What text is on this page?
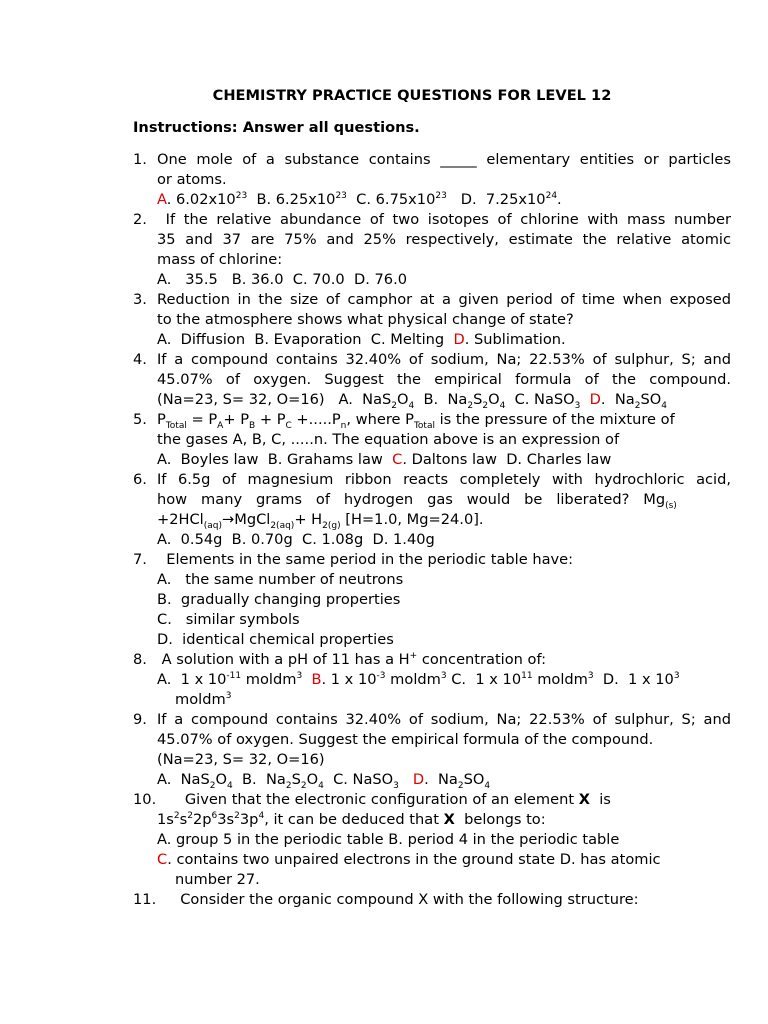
CHEMISTRY PRACTICE QUESTIONS FOR LEVEL 12
Instructions: Answer all questions.
1. One mole of a substance contains _____ elementary entities or particles
or atoms.
A. $6.02x10^{23}$  B. $6.25x10^{23}$  C. $6.75x10^{23}$   D.  $7.25x10^{24}$.
2. If the relative abundance of two isotopes of chlorine with mass number
35 and 37 are 75% and 25% respectively, estimate the relative atomic
mass of chlorine:
A.   35.5   B. 36.0  C. 70.0  D. 76.0
3. Reduction in the size of camphor at a given period of time when exposed
to the atmosphere shows what physical change of state?
A.  Diffusion  B. Evaporation  C. Melting  D. Sublimation.
4. If a compound contains 32.40% of sodium, Na; 22.53% of sulphur, S; and
45.07%  of  oxygen.  Suggest  the  empirical  formula  of  the  compound.
(Na=23, S= 32, O=16)   A.  $NaS_2O_4$  B.  $Na_2S_2O_4$  C. NaSO$_3$ D.  $Na_2SO_4$
5. $P_{Total} = P_A+ P_B + P_C +.....P_n$, where $P_{Total}$ is the pressure of the mixture of
the gases A, B, C, .....n. The equation above is an expression of
A.  Boyles law  B. Grahams law  C. Daltons law  D. Charles law
6. If 6.5g of magnesium ribbon reacts completely with hydrochloric acid,
how   many   grams   of   hydrogen   gas   would   be   liberated?   $Mg_{(s)}$
+2HCl$_{(aq)}$→MgCl$_{2(aq)}$+ $H_{2(g)}$ [H=1.0, Mg=24.0].
A.  0.54g  B. 0.70g  C. 1.08g  D. 1.40g
7. Elements in the same period in the periodic table have:
A.   the same number of neutrons
B.  gradually changing properties
C.   similar symbols
D.  identical chemical properties
8. A solution with a pH of 11 has a H+ concentration of:
A.  1 x $10^{-11}$ moldm$^3$ B. 1 x $10^{-3}$ moldm$^3$ C.  1 x $10^{11}$ moldm$^3$  D.  1 x $10^3$
moldm$^3$
9. If a compound contains 32.40% of sodium, Na; 22.53% of sulphur, S; and
45.07% of oxygen. Suggest the empirical formula of the compound.
(Na=23, S= 32, O=16)
A.  $NaS_2O_4$  B.  $Na_2S_2O_4$  C. NaSO$_3$ D.  $Na_2SO_4$
10. Given that the electronic configuration of an element X  is
$1s^2s^22p^63s^23p^4$, it can be deduced that X  belongs to:
A. group 5 in the periodic table B. period 4 in the periodic table
C. contains two unpaired electrons in the ground state D. has atomic
number 27.
11. Consider the organic compound X with the following structure:
